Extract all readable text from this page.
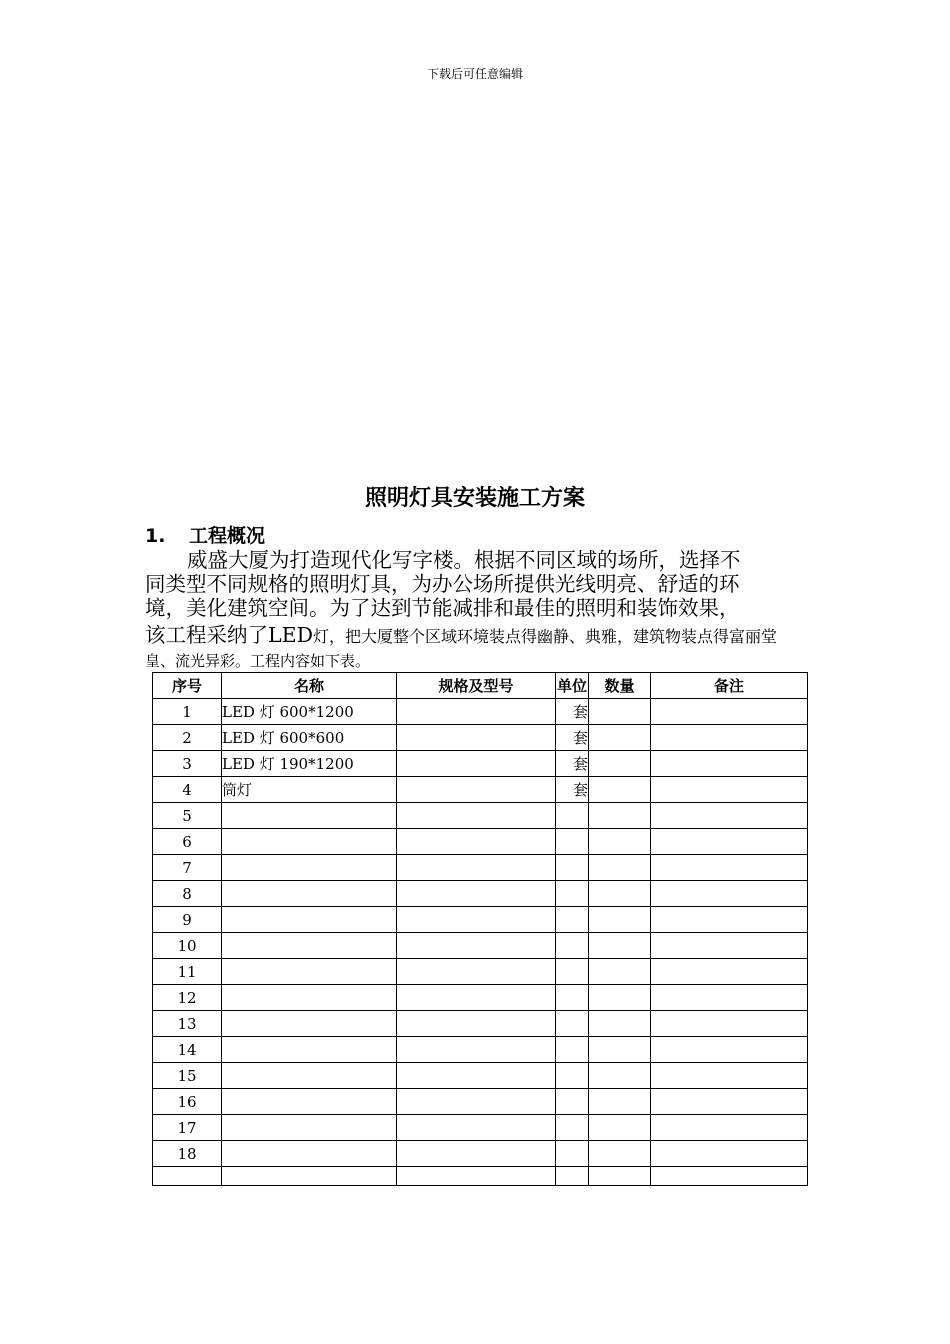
下载后可任意编辑
照明灯具安装施工方案
1. 工程概况

威盛大厦为打造现代化写字楼。根据不同区域的场所，选择不

同类型不同规格的照明灯具，为办公场所提供光线明亮、舒适的环

境，美化建筑空间。为了达到节能减排和最佳的照明和装饰效果，

该工程采纳了LED灯，把大厦整个区域环境装点得幽静、典雅，建筑物装点得富丽堂

皇、流光异彩。工程内容如下表。

序号	名称	规格及型号	单位	数量	备注
1	LED 灯 600*1200		套		
2	LED 灯 600*600		套		
3	LED 灯 190*1200		套		
4	筒灯		套		
5					
6					
7					
8					
9					
10					
11					
12					
13					
14					
15					
16					
17					
18					
